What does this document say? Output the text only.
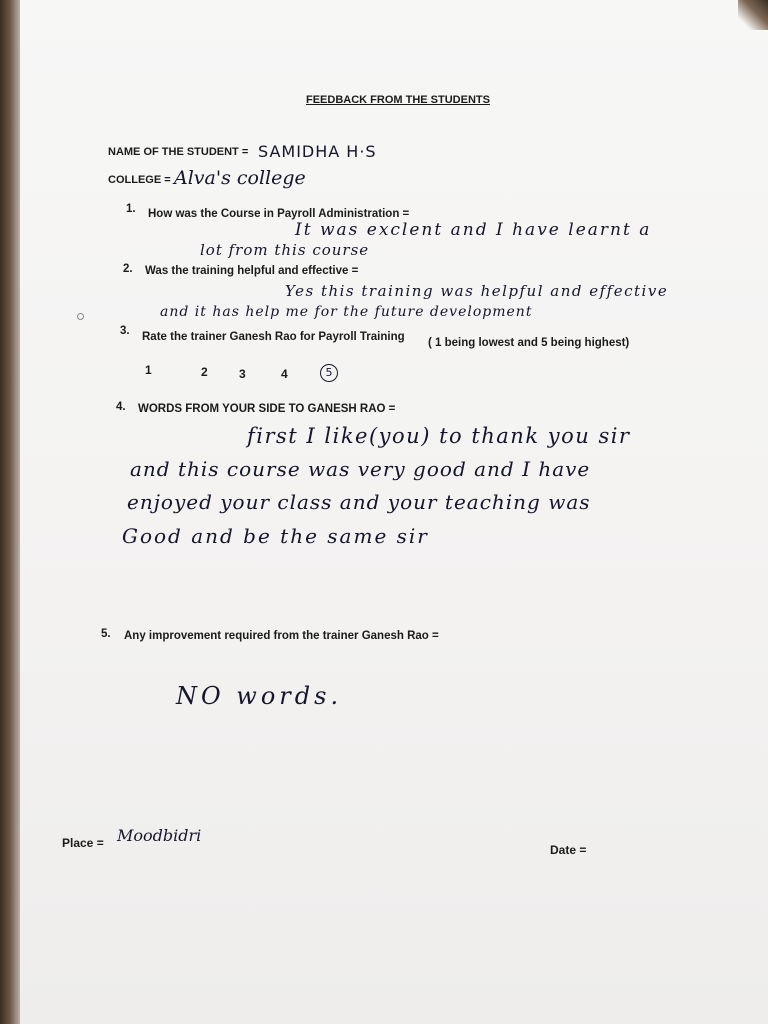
FEEDBACK FROM THE STUDENTS
NAME OF THE STUDENT = SAMIDHA H·S
COLLEGE = Alva's college
1. How was the Course in Payroll Administration =
It was exclent and I have learnt a
lot from this course
2. Was the training helpful and effective =
Yes this training was helpful and effective
and it has help me for the future development
3. Rate the trainer Ganesh Rao for Payroll Training ( 1 being lowest and 5 being highest)
1	2	3	4	5
4. WORDS FROM YOUR SIDE TO GANESH RAO =
first I like(you) to thank you sir
and this course was very good and I have
enjoyed your class and your teaching was
Good and be the same sir
5. Any improvement required from the trainer Ganesh Rao =
NO words.
Place = Moodbidri
Date =
